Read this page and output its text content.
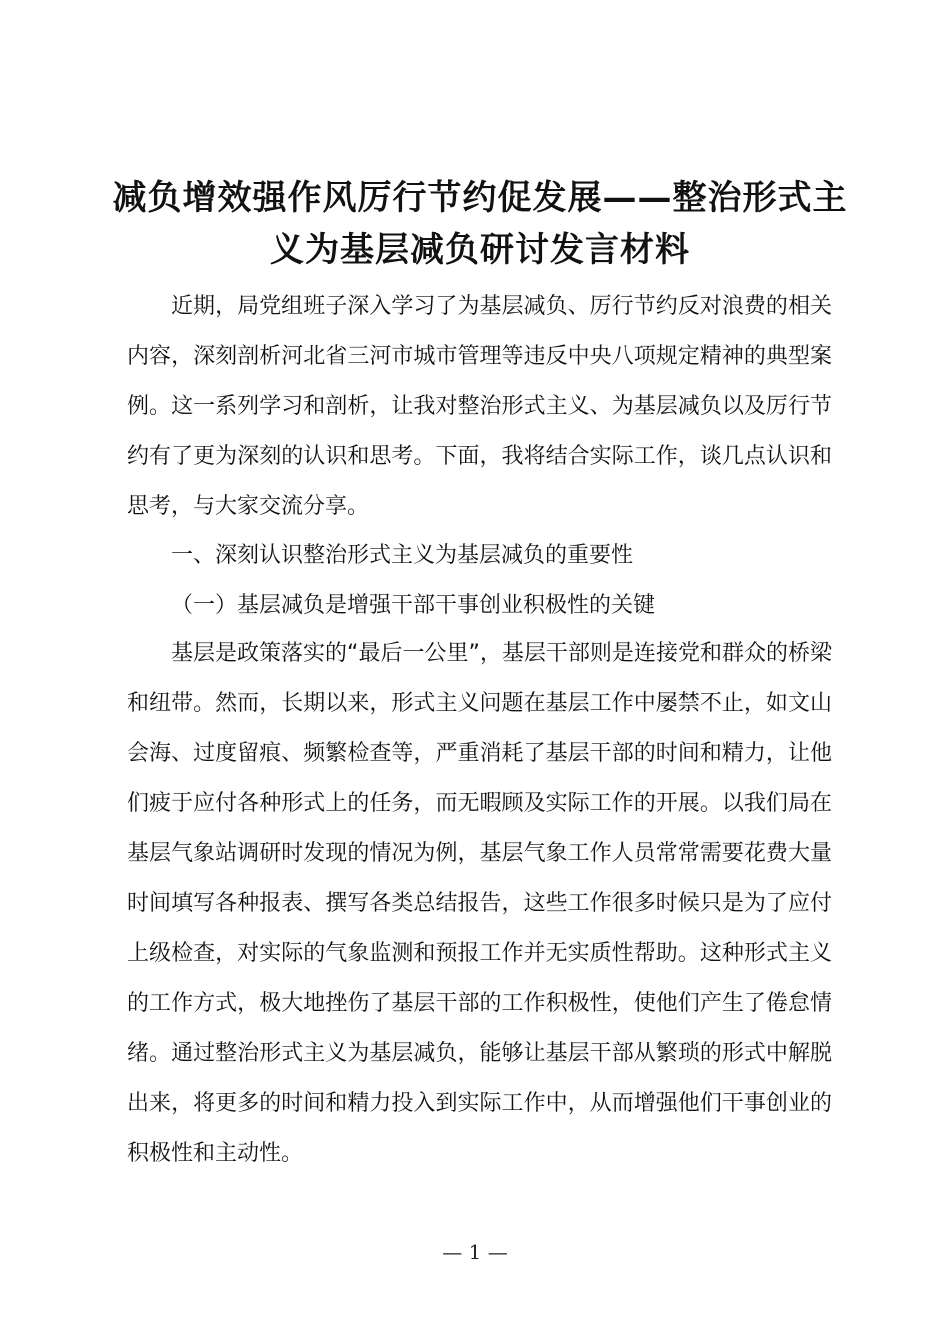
减负增效强作风厉行节约促发展——整治形式主义为基层减负研讨发言材料

近期，局党组班子深入学习了为基层减负、厉行节约反对浪费的相关内容，深刻剖析河北省三河市城市管理等违反中央八项规定精神的典型案例。这一系列学习和剖析，让我对整治形式主义、为基层减负以及厉行节约有了更为深刻的认识和思考。下面，我将结合实际工作，谈几点认识和思考，与大家交流分享。

一、深刻认识整治形式主义为基层减负的重要性

（一）基层减负是增强干部干事创业积极性的关键

基层是政策落实的“最后一公里”，基层干部则是连接党和群众的桥梁和纽带。然而，长期以来，形式主义问题在基层工作中屡禁不止，如文山会海、过度留痕、频繁检查等，严重消耗了基层干部的时间和精力，让他们疲于应付各种形式上的任务，而无暇顾及实际工作的开展。以我们局在基层气象站调研时发现的情况为例，基层气象工作人员常常需要花费大量时间填写各种报表、撰写各类总结报告，这些工作很多时候只是为了应付上级检查，对实际的气象监测和预报工作并无实质性帮助。这种形式主义的工作方式，极大地挫伤了基层干部的工作积极性，使他们产生了倦怠情绪。通过整治形式主义为基层减负，能够让基层干部从繁琐的形式中解脱出来，将更多的时间和精力投入到实际工作中，从而增强他们干事创业的积极性和主动性。

— 1 —
